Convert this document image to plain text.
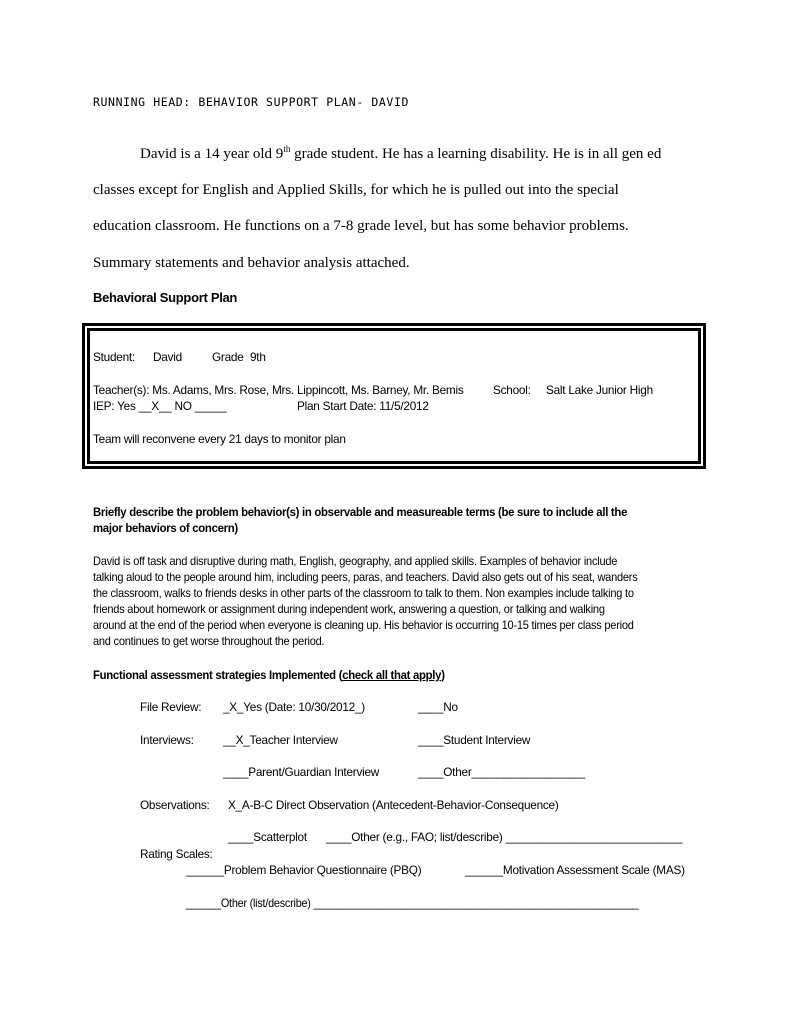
RUNNING HEAD: BEHAVIOR SUPPORT PLAN- DAVID
David is a 14 year old 9th grade student. He has a learning disability. He is in all gen ed
classes except for English and Applied Skills, for which he is pulled out into the special
education classroom. He functions on a 7-8 grade level, but has some behavior problems.
Summary statements and behavior analysis attached.
Behavioral Support Plan
Student: David	Grade 9th
Teacher(s): Ms. Adams, Mrs. Rose, Mrs. Lippincott, Ms. Barney, Mr. Bemis School: Salt Lake Junior High
IEP: Yes __X__ NO _____	Plan Start Date: 11/5/2012
Team will reconvene every 21 days to monitor plan
Briefly describe the problem behavior(s) in observable and measureable terms (be sure to include all the
major behaviors of concern)
David is off task and disruptive during math, English, geography, and applied skills. Examples of behavior include
talking aloud to the people around him, including peers, paras, and teachers. David also gets out of his seat, wanders
the classroom, walks to friends desks in other parts of the classroom to talk to them. Non examples include talking to
friends about homework or assignment during independent work, answering a question, or talking and walking
around at the end of the period when everyone is cleaning up. His behavior is occurring 10-15 times per class period
and continues to get worse throughout the period.
Functional assessment strategies Implemented (check all that apply)
File Review: _X_Yes (Date: 10/30/2012_)	____No
Interviews: __X_Teacher Interview	____Student Interview
____Parent/Guardian Interview	____Other__________________
Observations: X_A-B-C Direct Observation (Antecedent-Behavior-Consequence)
____Scatterplot ____Other (e.g., FAO; list/describe) ____________________________
Rating Scales:
______Problem Behavior Questionnaire (PBQ)	______Motivation Assessment Scale (MAS)
______Other (list/describe) ________________________________________________________
